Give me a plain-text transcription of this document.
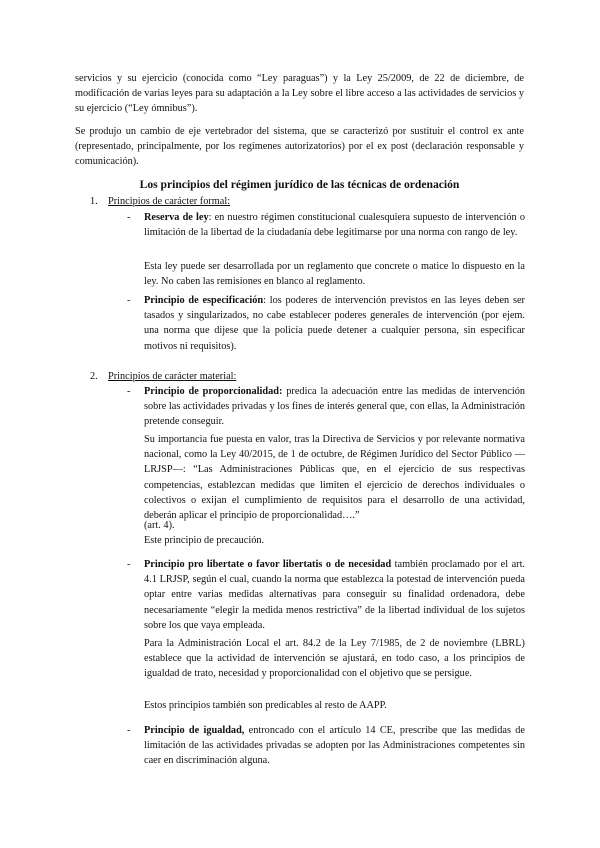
servicios y su ejercicio (conocida como “Ley paraguas”) y la Ley 25/2009, de 22 de diciembre, de modificación de varias leyes para su adaptación a la Ley sobre el libre acceso a las actividades de servicios y su ejercicio (“Ley ómnibus”).

Se produjo un cambio de eje vertebrador del sistema, que se caracterizó por sustituir el control ex ante (representado, principalmente, por los regímenes autorizatorios) por el ex post (declaración responsable y comunicación).

Los principios del régimen jurídico de las técnicas de ordenación

1. Principios de carácter formal:
- Reserva de ley: en nuestro régimen constitucional cualesquiera supuesto de intervención o limitación de la libertad de la ciudadanía debe legitimarse por una norma con rango de ley.

Esta ley puede ser desarrollada por un reglamento que concrete o matice lo dispuesto en la ley. No caben las remisiones en blanco al reglamento.

- Principio de especificación: los poderes de intervención previstos en las leyes deben ser tasados y singularizados, no cabe establecer poderes generales de intervención (por ejem. una norma que dijese que la policía puede detener a cualquier persona, sin especificar motivos ni requisitos).

2. Principios de carácter material:
- Principio de proporcionalidad: predica la adecuación entre las medidas de intervención sobre las actividades privadas y los fines de interés general que, con ellas, la Administración pretende conseguir.

Su importancia fue puesta en valor, tras la Directiva de Servicios y por relevante normativa nacional, como la Ley 40/2015, de 1 de octubre, de Régimen Jurídico del Sector Público —LRJSP—: “Las Administraciones Públicas que, en el ejercicio de sus respectivas competencias, establezcan medidas que limiten el ejercicio de derechos individuales o colectivos o exijan el cumplimiento de requisitos para el desarrollo de una actividad, deberán aplicar el principio de proporcionalidad….”

(art. 4).

Este principio de precaución.

- Principio pro libertate o favor libertatis o de necesidad también proclamado por el art. 4.1 LRJSP, según el cual, cuando la norma que establezca la potestad de intervención pueda optar entre varias medidas alternativas para conseguir su finalidad ordenadora, debe necesariamente “elegir la medida menos restrictiva” de la libertad individual de los sujetos sobre los que vaya empleada.

Para la Administración Local el art. 84.2 de la Ley 7/1985, de 2 de noviembre (LBRL) establece que la actividad de intervención se ajustará, en todo caso, a los principios de igualdad de trato, necesidad y proporcionalidad con el objetivo que se persigue.

Estos principios también son predicables al resto de AAPP.

- Principio de igualdad, entroncado con el artículo 14 CE, prescribe que las medidas de limitación de las actividades privadas se adopten por las Administraciones competentes sin caer en discriminación alguna.
